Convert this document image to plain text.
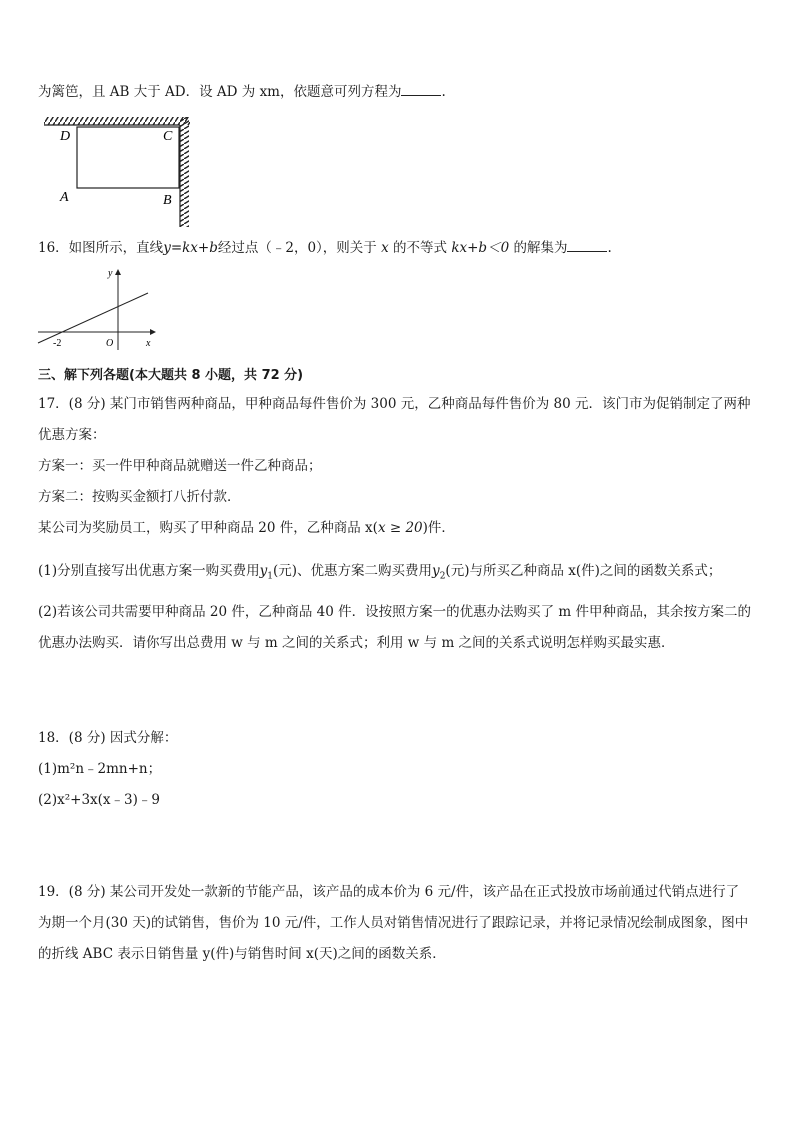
为篱笆，且 AB 大于 AD．设 AD 为 xm，依题意可列方程为	.
D	C
A	B
16．如图所示，直线y=kx+b经过点（﹣2，0），则关于 x 的不等式 kx+b＜0 的解集为	.
y
x
O
-2
三、解下列各题(本大题共 8 小题，共 72 分)
17．(8 分) 某门市销售两种商品，甲种商品每件售价为 300 元，乙种商品每件售价为 80 元．该门市为促销制定了两种
优惠方案：
方案一：买一件甲种商品就赠送一件乙种商品；
方案二：按购买金额打八折付款．
某公司为奖励员工，购买了甲种商品 20 件，乙种商品 x(x ≥ 20)件．
(1)分别直接写出优惠方案一购买费用$y_1$(元)、优惠方案二购买费用$y_2$(元)与所买乙种商品 x(件)之间的函数关系式；
(2)若该公司共需要甲种商品 20 件，乙种商品 40 件．设按照方案一的优惠办法购买了 m 件甲种商品，其余按方案二的
优惠办法购买．请你写出总费用 w 与 m 之间的关系式；利用 w 与 m 之间的关系式说明怎样购买最实惠．
18．(8 分) 因式分解：
(1)m²n﹣2mn+n；
(2)x²+3x(x﹣3)﹣9
19．(8 分) 某公司开发处一款新的节能产品，该产品的成本价为 6 元/件，该产品在正式投放市场前通过代销点进行了
为期一个月(30 天)的试销售，售价为 10 元/件，工作人员对销售情况进行了跟踪记录，并将记录情况绘制成图象，图中
的折线 ABC 表示日销售量 y(件)与销售时间 x(天)之间的函数关系．
